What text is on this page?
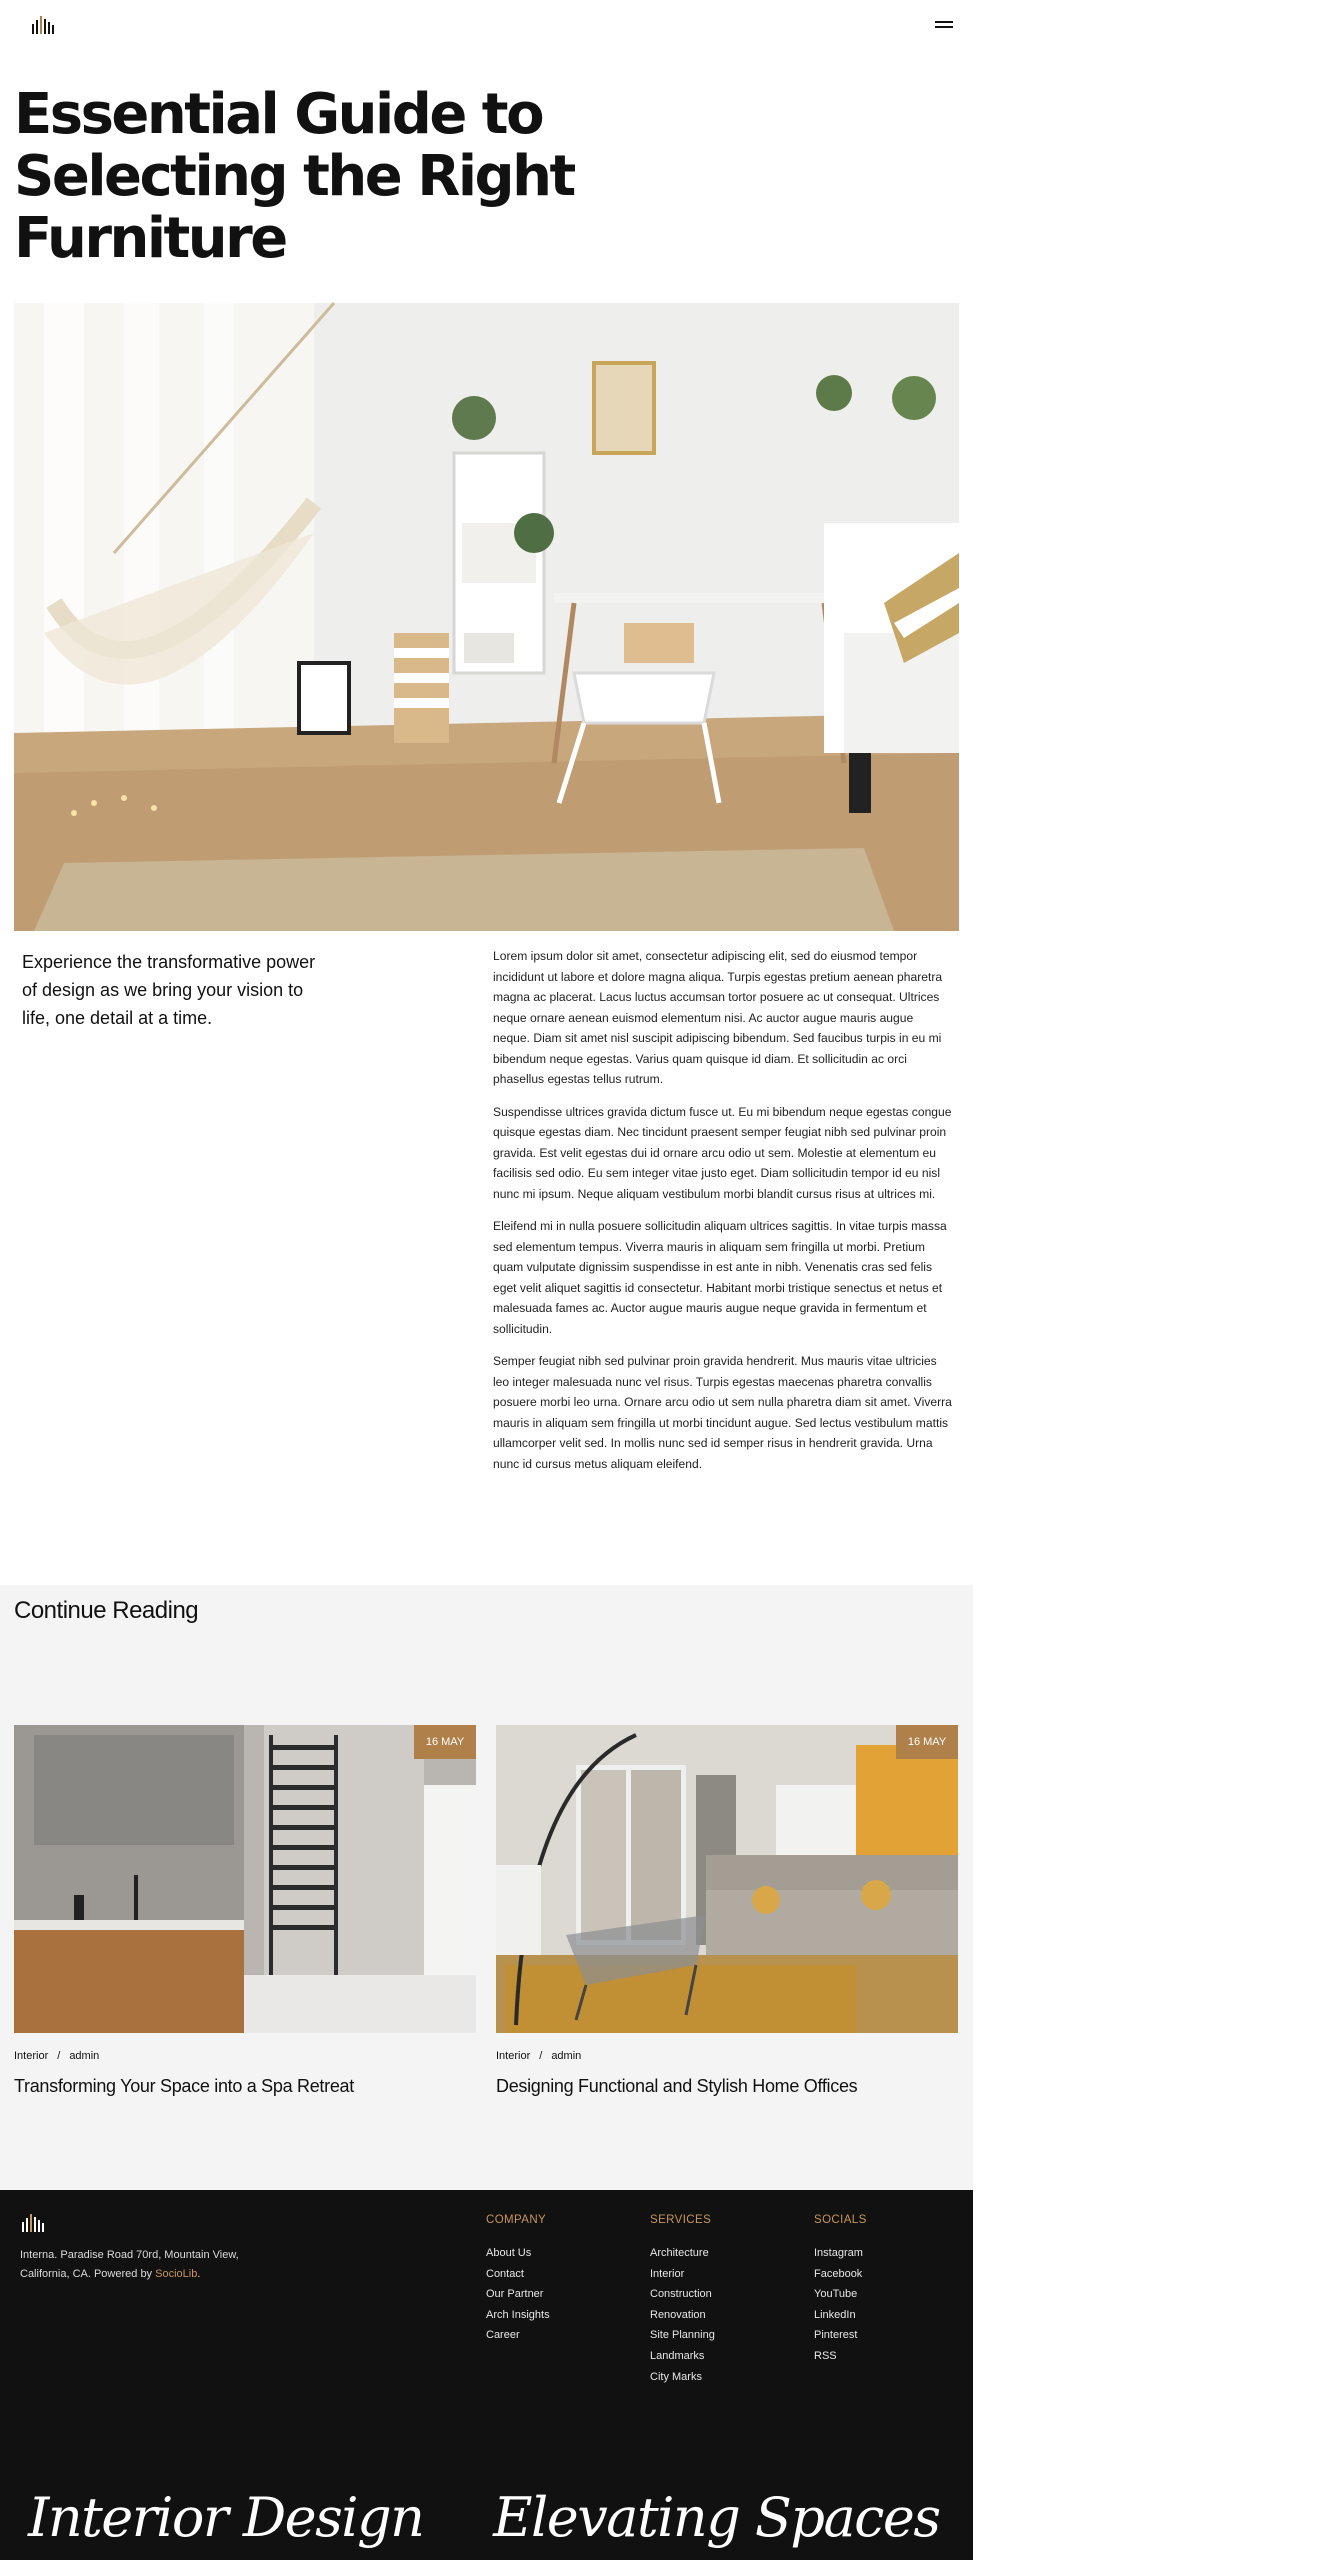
Essential Guide to Selecting the Right Furniture

Experience the transformative power of design as we bring your vision to life, one detail at a time.

Lorem ipsum dolor sit amet, consectetur adipiscing elit, sed do eiusmod tempor incididunt ut labore et dolore magna aliqua. Turpis egestas pretium aenean pharetra magna ac placerat. Lacus luctus accumsan tortor posuere ac ut consequat. Ultrices neque ornare aenean euismod elementum nisi. Ac auctor augue mauris augue neque. Diam sit amet nisl suscipit adipiscing bibendum. Sed faucibus turpis in eu mi bibendum neque egestas. Varius quam quisque id diam. Et sollicitudin ac orci phasellus egestas tellus rutrum.

Suspendisse ultrices gravida dictum fusce ut. Eu mi bibendum neque egestas congue quisque egestas diam. Nec tincidunt praesent semper feugiat nibh sed pulvinar proin gravida. Est velit egestas dui id ornare arcu odio ut sem. Molestie at elementum eu facilisis sed odio. Eu sem integer vitae justo eget. Diam sollicitudin tempor id eu nisl nunc mi ipsum. Neque aliquam vestibulum morbi blandit cursus risus at ultrices mi.

Eleifend mi in nulla posuere sollicitudin aliquam ultrices sagittis. In vitae turpis massa sed elementum tempus. Viverra mauris in aliquam sem fringilla ut morbi. Pretium quam vulputate dignissim suspendisse in est ante in nibh. Venenatis cras sed felis eget velit aliquet sagittis id consectetur. Habitant morbi tristique senectus et netus et malesuada fames ac. Auctor augue mauris augue neque gravida in fermentum et sollicitudin.

Semper feugiat nibh sed pulvinar proin gravida hendrerit. Mus mauris vitae ultricies leo integer malesuada nunc vel risus. Turpis egestas maecenas pharetra convallis posuere morbi leo urna. Ornare arcu odio ut sem nulla pharetra diam sit amet. Viverra mauris in aliquam sem fringilla ut morbi tincidunt augue. Sed lectus vestibulum mattis ullamcorper velit sed. In mollis nunc sed id semper risus in hendrerit gravida. Urna nunc id cursus metus aliquam eleifend.

Continue Reading
16 MAY
Interior / admin
Transforming Your Space into a Spa Retreat
16 MAY
Interior / admin
Designing Functional and Stylish Home Offices

Interna. Paradise Road 70rd, Mountain View, California, CA. Powered by SocioLib.

COMPANY
About Us
Contact
Our Partner
Arch Insights
Career
SERVICES
Architecture
Interior
Construction
Renovation
Site Planning
Landmarks
City Marks
SOCIALS
Instagram
Facebook
YouTube
LinkedIn
Pinterest
RSS
Interior Design Elevating Spaces Designing
